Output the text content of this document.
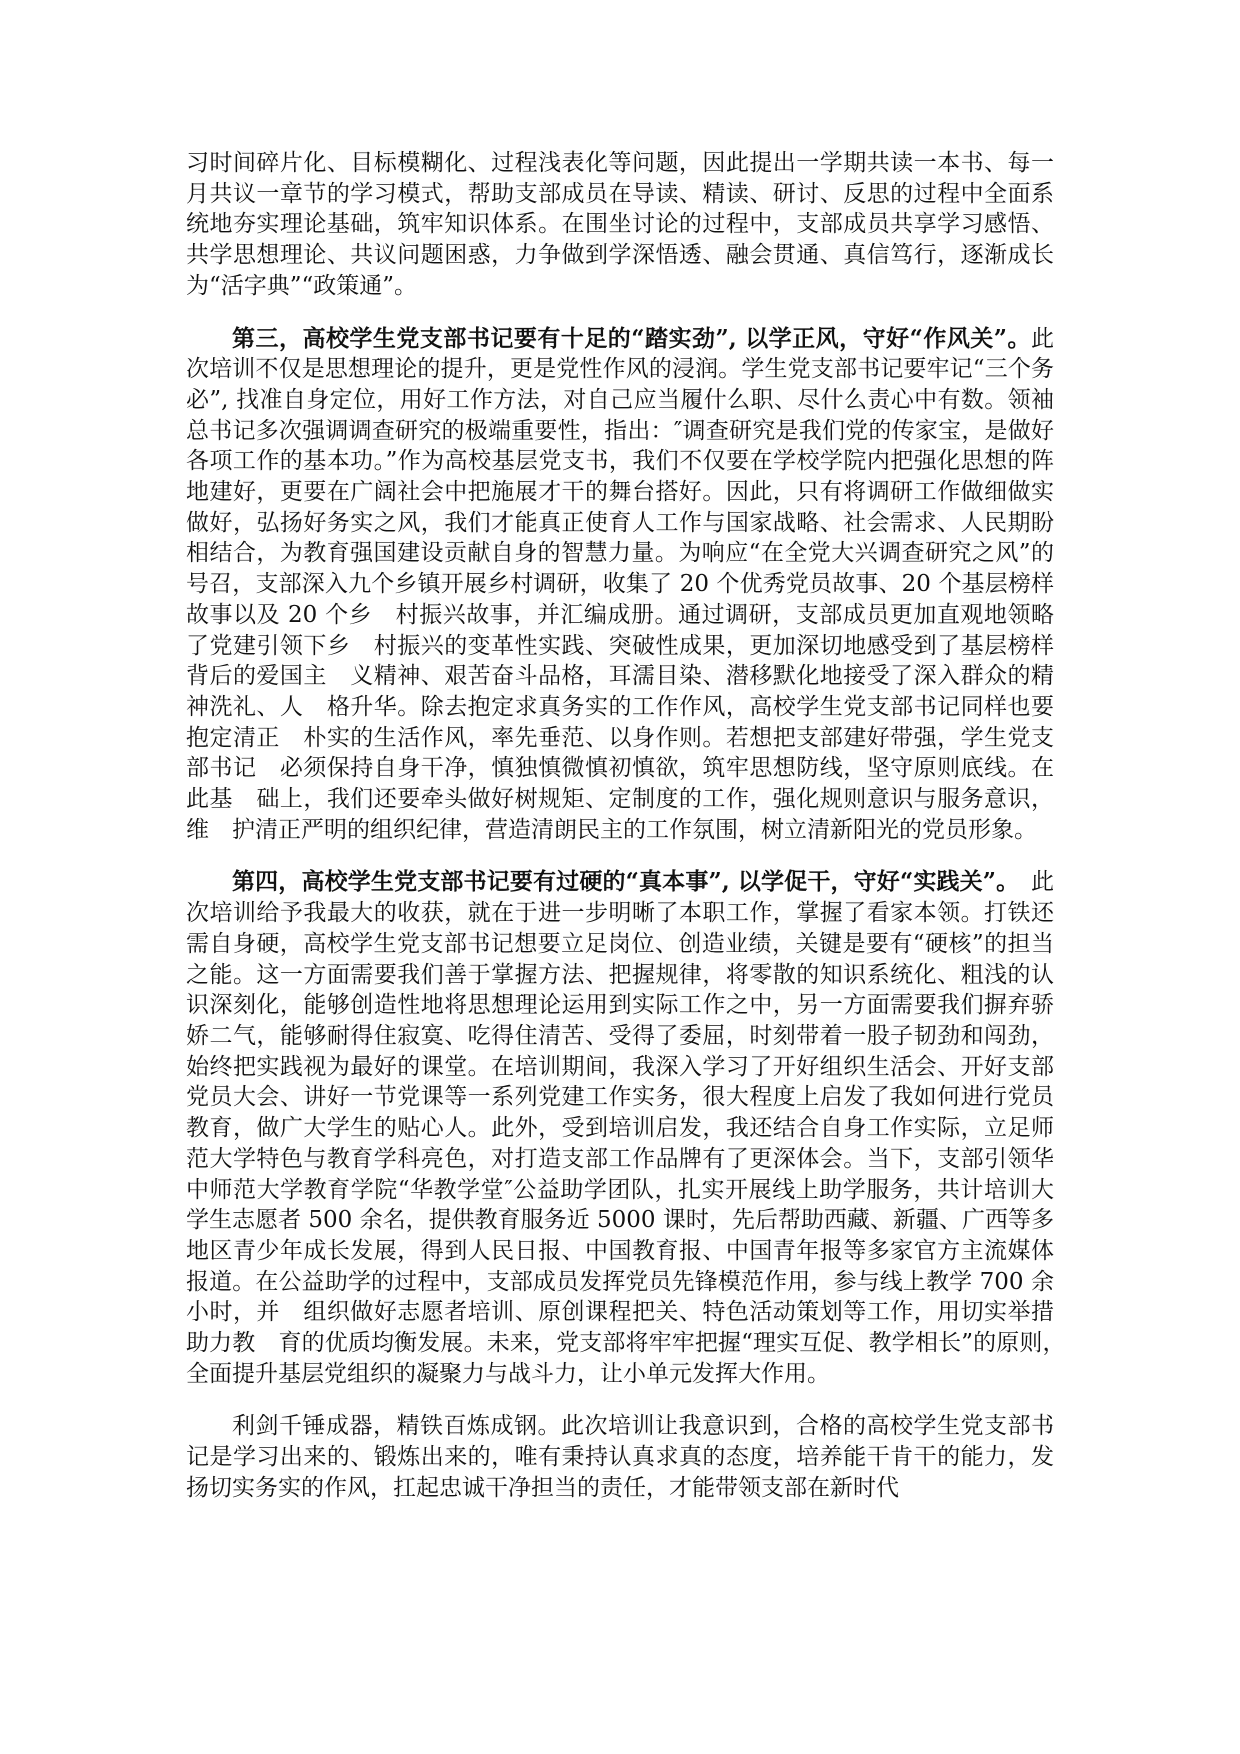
习时间碎片化、目标模糊化、过程浅表化等问题，因此提出一学期共读一本书、每一月共议一章节的学习模式，帮助支部成员在导读、精读、研讨、反思的过程中全面系统地夯实理论基础，筑牢知识体系。在围坐讨论的过程中，支部成员共享学习感悟、共学思想理论、共议问题困惑，力争做到学深悟透、融会贯通、真信笃行，逐渐成长为“活字典”“政策通”。

第三，高校学生党支部书记要有十足的“踏实劲”, 以学正风，守好“作风关”。此次培训不仅是思想理论的提升，更是党性作风的浸润。学生党支部书记要牢记“三个务必”, 找准自身定位，用好工作方法，对自己应当履什么职、尽什么责心中有数。领袖总书记多次强调调查研究的极端重要性，指出：″调查研究是我们党的传家宝，是做好各项工作的基本功。”作为高校基层党支书，我们不仅要在学校学院内把强化思想的阵地建好，更要在广阔社会中把施展才干的舞台搭好。因此，只有将调研工作做细做实做好，弘扬好务实之风，我们才能真正使育人工作与国家战略、社会需求、人民期盼相结合，为教育强国建设贡献自身的智慧力量。为响应“在全党大兴调查研究之风”的号召，支部深入九个乡镇开展乡村调研，收集了 20 个优秀党员故事、20 个基层榜样故事以及 20 个乡　村振兴故事，并汇编成册。通过调研，支部成员更加直观地领略了党建引领下乡　村振兴的变革性实践、突破性成果，更加深切地感受到了基层榜样背后的爱国主　义精神、艰苦奋斗品格，耳濡目染、潜移默化地接受了深入群众的精神洗礼、人　格升华。除去抱定求真务实的工作作风，高校学生党支部书记同样也要抱定清正　朴实的生活作风，率先垂范、以身作则。若想把支部建好带强，学生党支部书记　必须保持自身干净，慎独慎微慎初慎欲，筑牢思想防线，坚守原则底线。在此基　础上，我们还要牵头做好树规矩、定制度的工作，强化规则意识与服务意识，维　护清正严明的组织纪律，营造清朗民主的工作氛围，树立清新阳光的党员形象。

第四，高校学生党支部书记要有过硬的“真本事”, 以学促干，守好“实践关”。　此次培训给予我最大的收获，就在于进一步明晰了本职工作，掌握了看家本领。打铁还需自身硬，高校学生党支部书记想要立足岗位、创造业绩，关键是要有“硬核”的担当之能。这一方面需要我们善于掌握方法、把握规律，将零散的知识系统化、粗浅的认识深刻化，能够创造性地将思想理论运用到实际工作之中，另一方面需要我们摒弃骄娇二气，能够耐得住寂寞、吃得住清苦、受得了委屈，时刻带着一股子韧劲和闯劲，始终把实践视为最好的课堂。在培训期间，我深入学习了开好组织生活会、开好支部党员大会、讲好一节党课等一系列党建工作实务，很大程度上启发了我如何进行党员教育，做广大学生的贴心人。此外，受到培训启发，我还结合自身工作实际，立足师范大学特色与教育学科亮色，对打造支部工作品牌有了更深体会。当下，支部引领华中师范大学教育学院“华教学堂″公益助学团队，扎实开展线上助学服务，共计培训大学生志愿者 500 余名，提供教育服务近 5000 课时，先后帮助西藏、新疆、广西等多地区青少年成长发展，得到人民日报、中国教育报、中国青年报等多家官方主流媒体报道。在公益助学的过程中，支部成员发挥党员先锋模范作用，参与线上教学 700 余小时，并　组织做好志愿者培训、原创课程把关、特色活动策划等工作，用切实举措助力教　育的优质均衡发展。未来，党支部将牢牢把握“理实互促、教学相长”的原则，　全面提升基层党组织的凝聚力与战斗力，让小单元发挥大作用。

利剑千锤成器，精铁百炼成钢。此次培训让我意识到，合格的高校学生党支部书记是学习出来的、锻炼出来的，唯有秉持认真求真的态度，培养能干肯干的能力，发扬切实务实的作风，扛起忠诚干净担当的责任，才能带领支部在新时代
